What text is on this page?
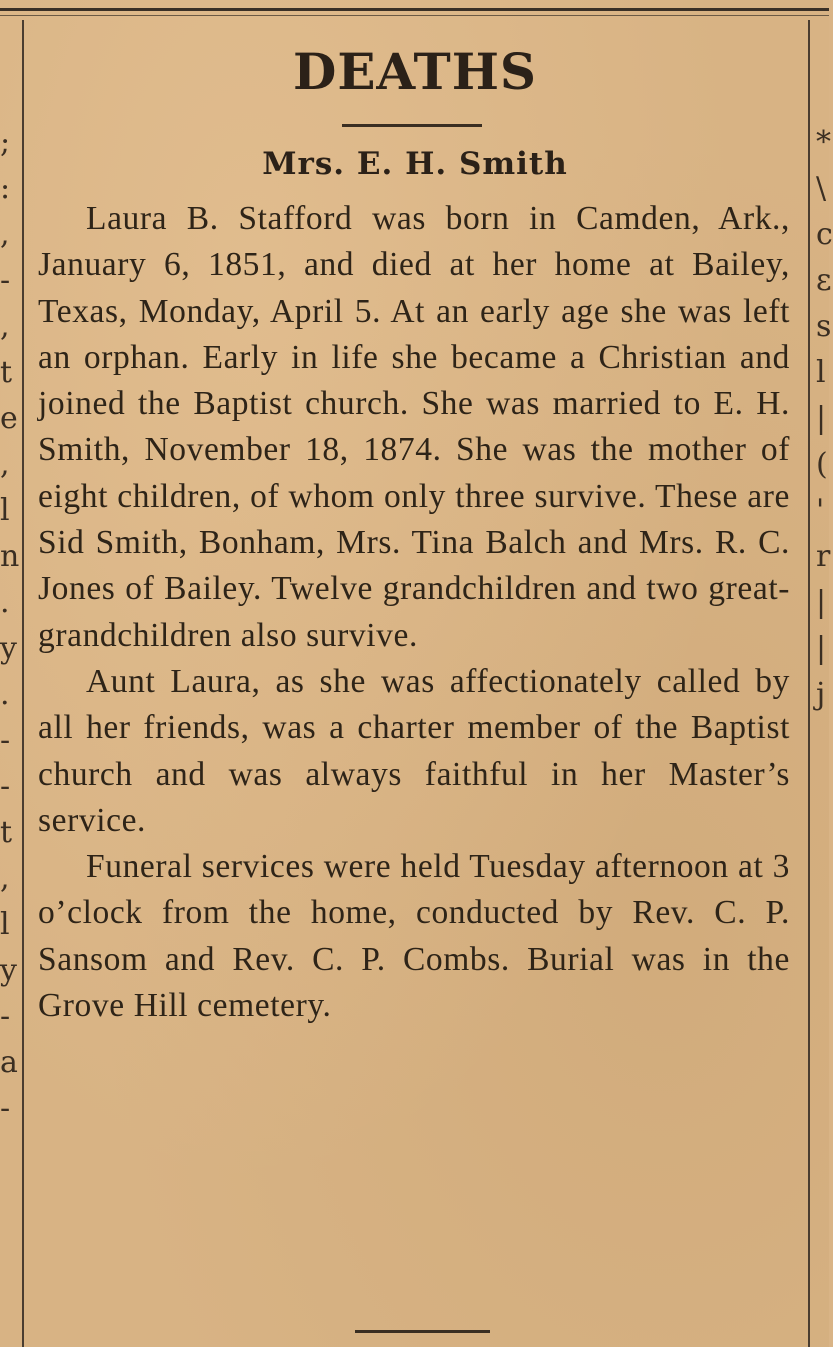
;
:
,
-
,
t
e
,
l
n
.
y
.
-
-
t
,
l
y
-
a
-
*
\
c
ε
s
l
|
(
'
r
|
|
j
DEATHS
Mrs. E. H. Smith

Laura B. Stafford was born in Camden, Ark., January 6, 1851, and died at her home at Bailey, Texas, Monday, April 5. At an early age she was left an orphan. Early in life she became a Christian and joined the Baptist church. She was married to E. H. Smith, November 18, 1874. She was the mother of eight children, of whom only three survive. These are Sid Smith, Bonham, Mrs. Tina Balch and Mrs. R. C. Jones of Bailey. Twelve grandchildren and two great-grandchildren also survive.

Aunt Laura, as she was affectionately called by all her friends, was a charter member of the Baptist church and was always faithful in her Master’s service.

Funeral services were held Tuesday afternoon at 3 o’clock from the home, conducted by Rev. C. P. Sansom and Rev. C. P. Combs. Burial was in the Grove Hill cemetery.
